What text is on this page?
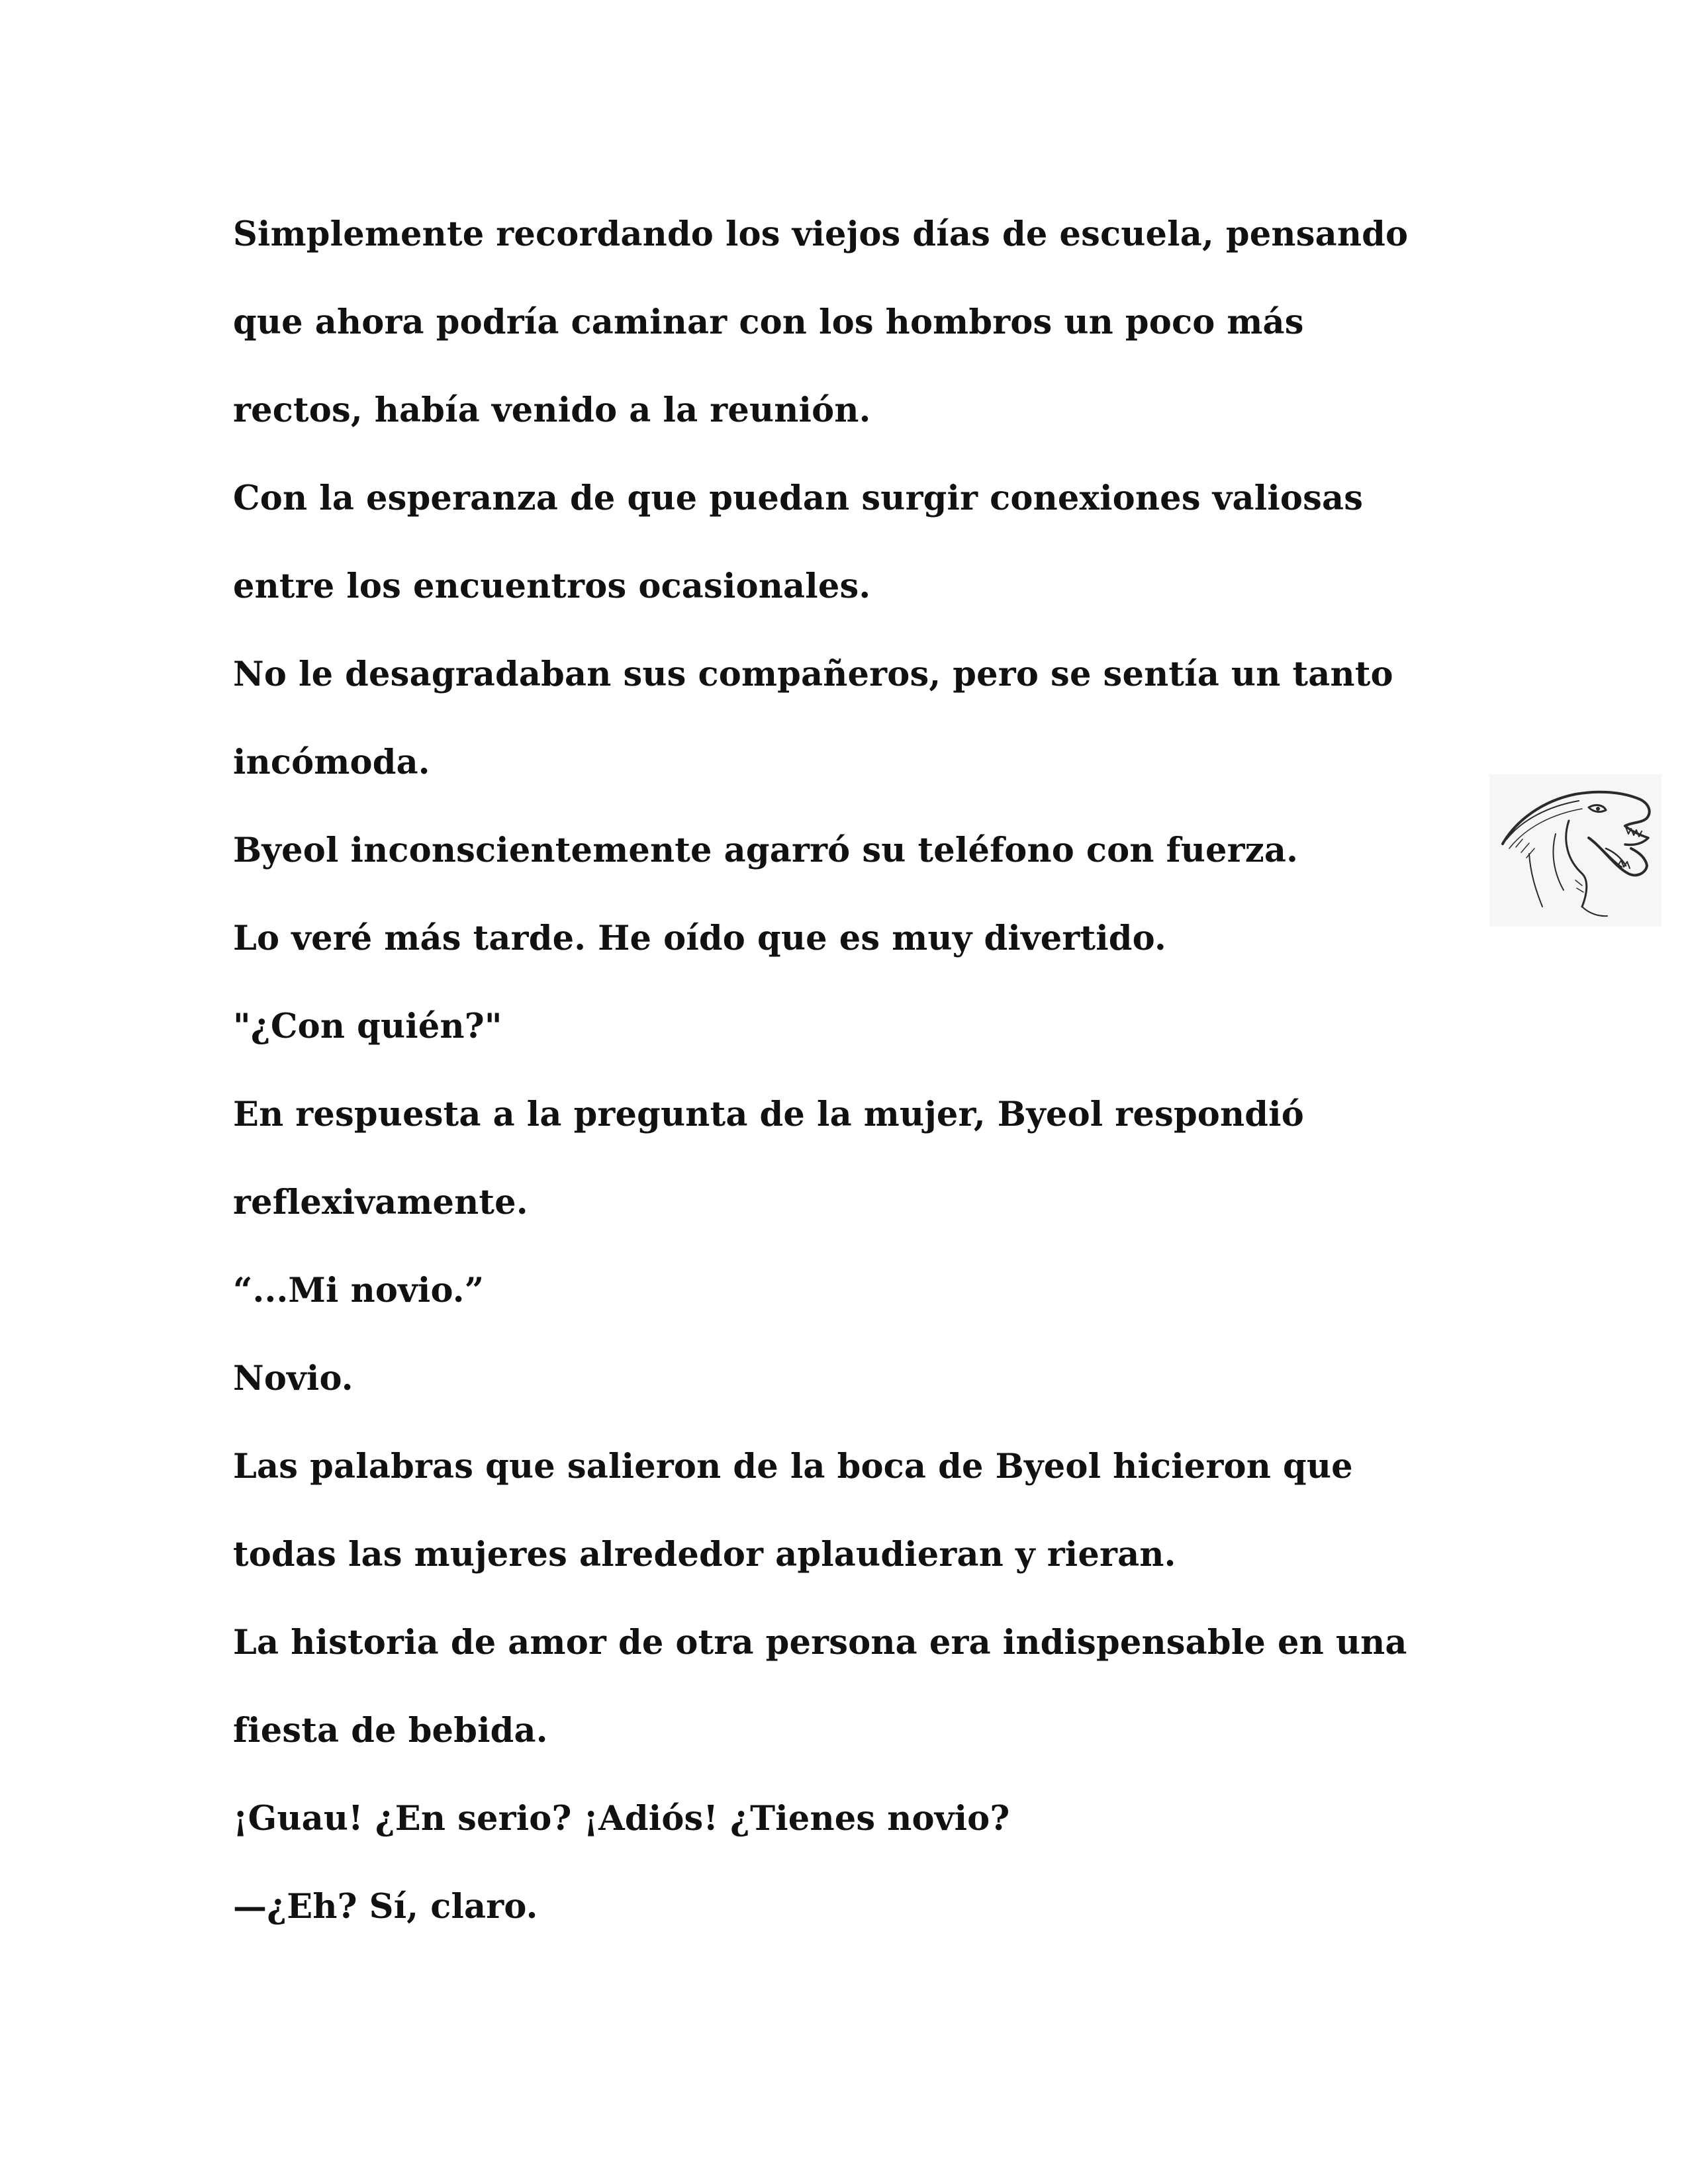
Simplemente recordando los viejos días de escuela, pensando
que ahora podría caminar con los hombros un poco más
rectos, había venido a la reunión.
Con la esperanza de que puedan surgir conexiones valiosas
entre los encuentros ocasionales.
No le desagradaban sus compañeros, pero se sentía un tanto
incómoda.
Byeol inconscientemente agarró su teléfono con fuerza.
Lo veré más tarde. He oído que es muy divertido.
"¿Con quién?"
En respuesta a la pregunta de la mujer, Byeol respondió
reflexivamente.
“...Mi novio.”
Novio.
Las palabras que salieron de la boca de Byeol hicieron que
todas las mujeres alrededor aplaudieran y rieran.
La historia de amor de otra persona era indispensable en una
fiesta de bebida.
¡Guau! ¿En serio? ¡Adiós! ¿Tienes novio?
—¿Eh? Sí, claro.
